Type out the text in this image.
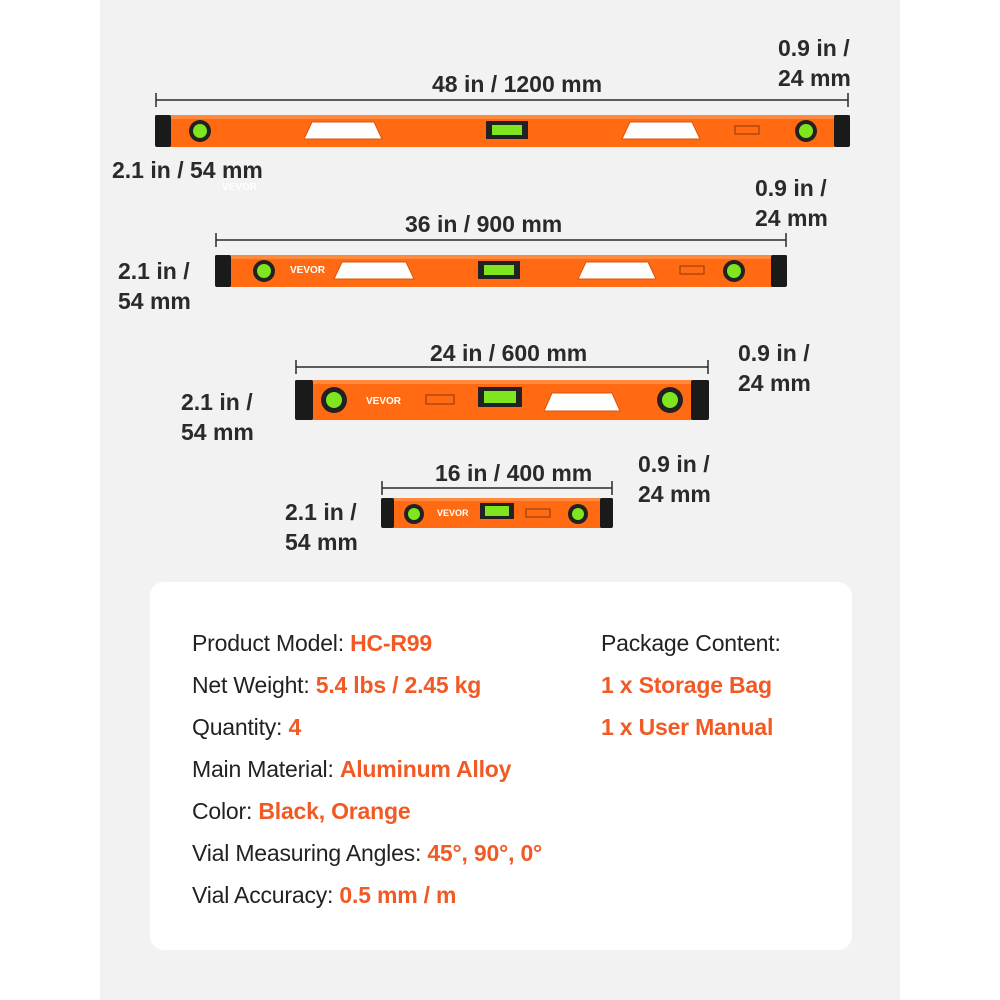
VEVOR
48 in / 1200 mm
2.1 in / 54 mm
0.9 in /
24 mm
VEVOR
36 in / 900 mm
2.1 in /
54 mm
0.9 in /
24 mm
VEVOR
24 in / 600 mm
2.1 in /
54 mm
0.9 in /
24 mm
VEVOR
16 in / 400 mm
2.1 in /
54 mm
0.9 in /
24 mm
Product Model: HC-R99
Net Weight: 5.4 lbs / 2.45 kg
Quantity: 4
Main Material: Aluminum Alloy
Color: Black, Orange
Vial Measuring Angles: 45°, 90°, 0°
Vial Accuracy: 0.5 mm / m
Package Content:
1 x Storage Bag
1 x User Manual
